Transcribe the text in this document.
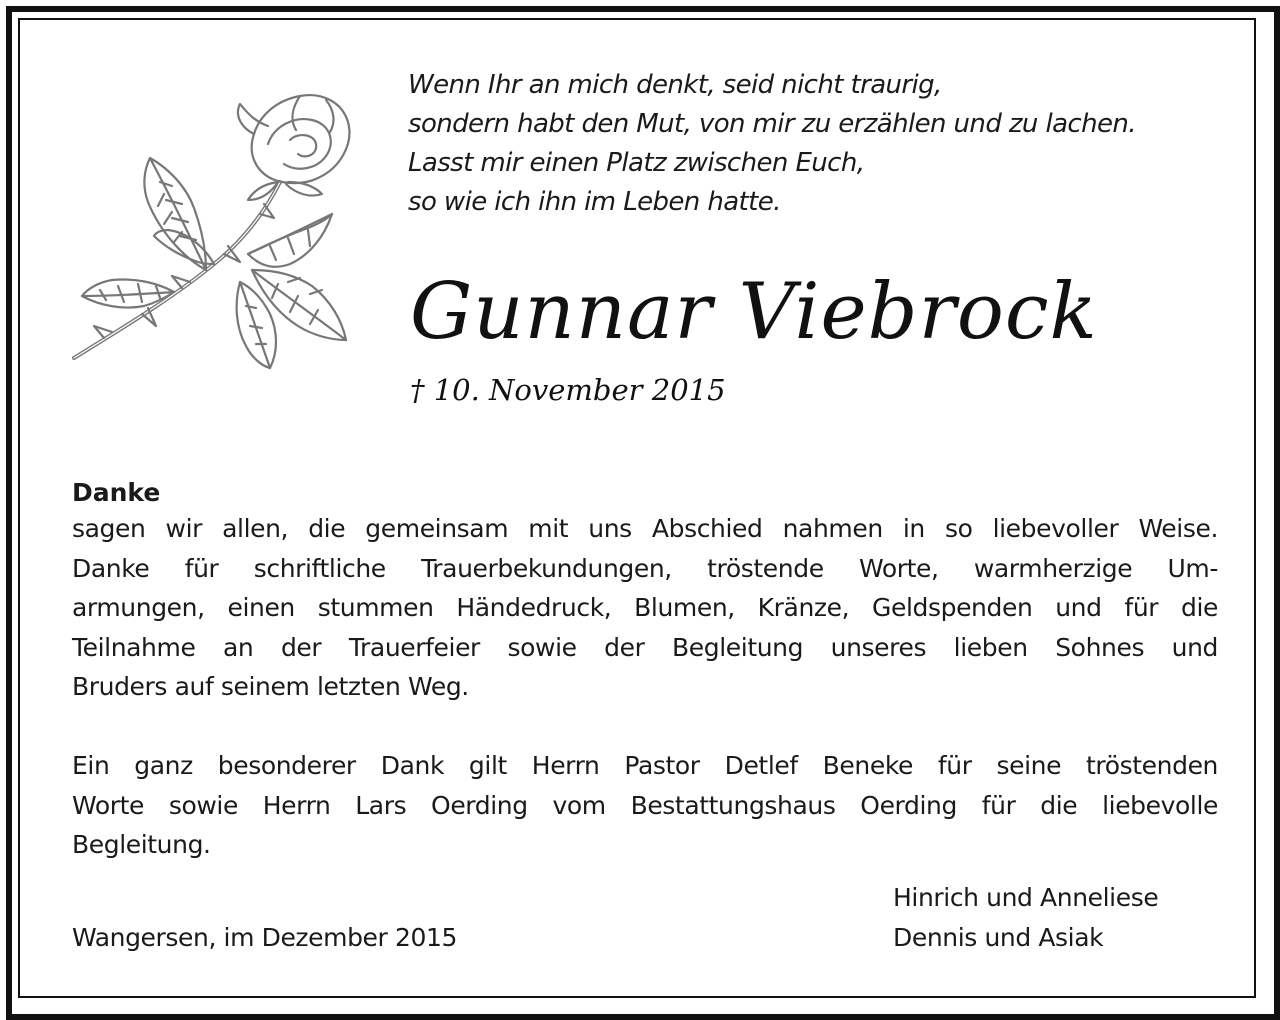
Wenn Ihr an mich denkt, seid nicht traurig,
sondern habt den Mut, von mir zu erzählen und zu lachen.
Lasst mir einen Platz zwischen Euch,
so wie ich ihn im Leben hatte.
Gunnar Viebrock
† 10. November 2015
Danke
sagen wir allen, die gemeinsam mit uns Abschied nahmen in so liebevoller Weise.
Danke für schriftliche Trauerbekundungen, tröstende Worte, warmherzige Um-
armungen, einen stummen Händedruck, Blumen, Kränze, Geldspenden und für die
Teilnahme an der Trauerfeier sowie der Begleitung unseres lieben Sohnes und
Bruders auf seinem letzten Weg.
Ein ganz besonderer Dank gilt Herrn Pastor Detlef Beneke für seine tröstenden
Worte sowie Herrn Lars Oerding vom Bestattungshaus Oerding für die liebevolle
Begleitung.
Wangersen, im Dezember 2015
Hinrich und Anneliese
Dennis und Asiak
